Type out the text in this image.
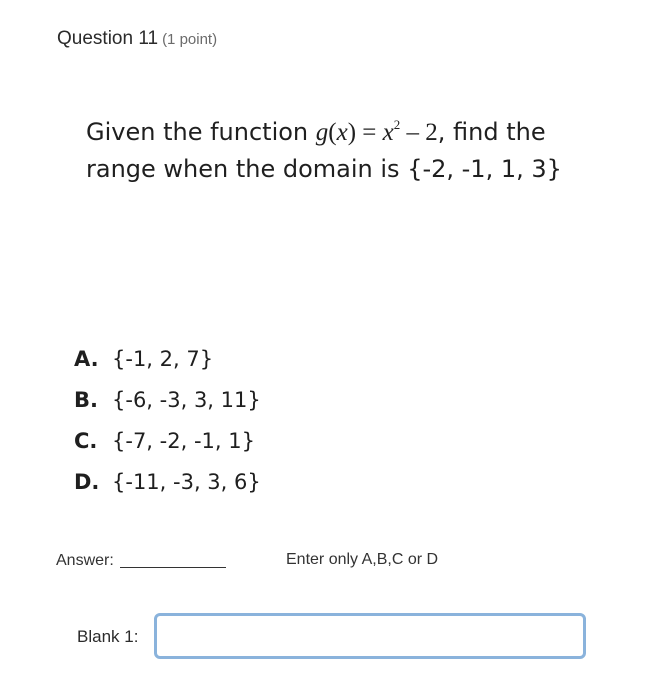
Question 11 (1 point)
Given the function $g(x) = x^2 - 2$, find the
range when the domain is {-2, -1, 1, 3}
A. {-1, 2, 7}
B. {-6, -3, 3, 11}
C. {-7, -2, -1, 1}
D. {-11, -3, 3, 6}
Answer:	Enter only A,B,C or D
Blank 1:
